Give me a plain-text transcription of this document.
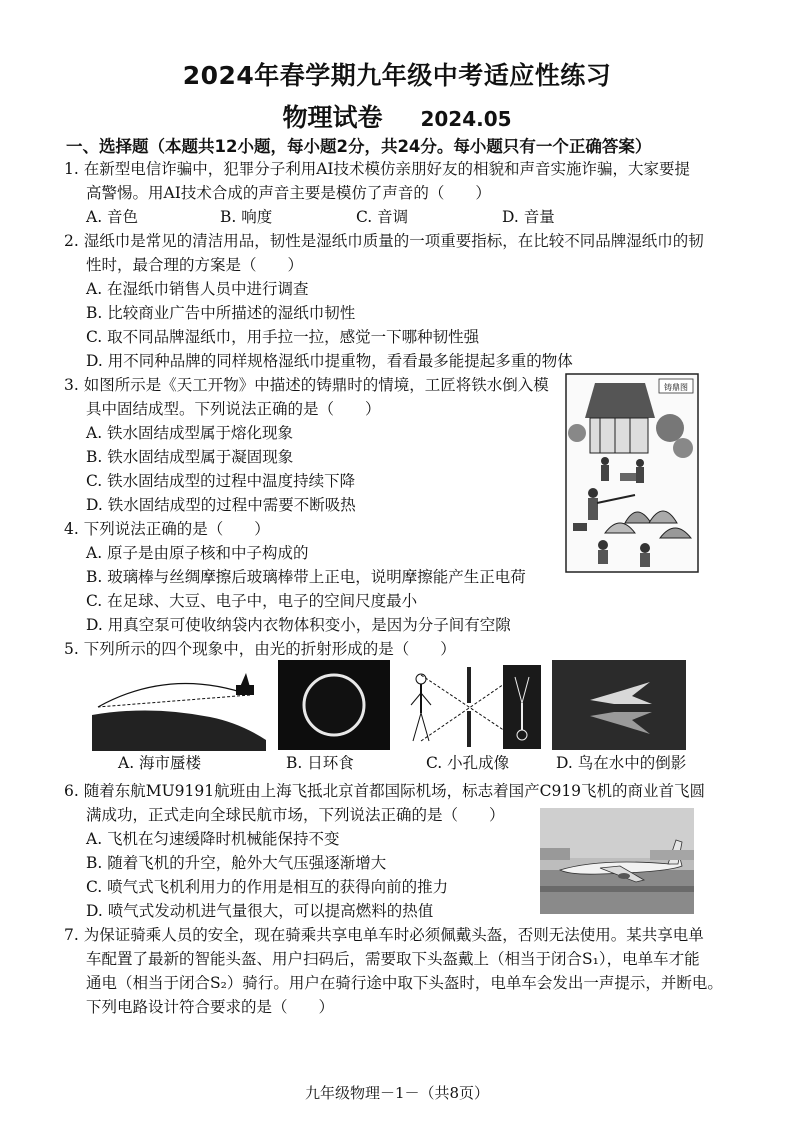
2024年春学期九年级中考适应性练习
物理试卷 2024.05
一、选择题（本题共12小题，每小题2分，共24分。每小题只有一个正确答案）
1. 在新型电信诈骗中，犯罪分子利用AI技术模仿亲朋好友的相貌和声音实施诈骗，大家要提
高警惕。用AI技术合成的声音主要是模仿了声音的（　　）
A. 音色	B. 响度	C. 音调	D. 音量
2. 湿纸巾是常见的清洁用品，韧性是湿纸巾质量的一项重要指标，在比较不同品牌湿纸巾的韧
性时，最合理的方案是（　　）
A. 在湿纸巾销售人员中进行调查
B. 比较商业广告中所描述的湿纸巾韧性
C. 取不同品牌湿纸巾，用手拉一拉，感觉一下哪种韧性强
D. 用不同种品牌的同样规格湿纸巾提重物，看看最多能提起多重的物体
3. 如图所示是《天工开物》中描述的铸鼎时的情境，工匠将铁水倒入模
具中固结成型。下列说法正确的是（　　）
A. 铁水固结成型属于熔化现象
B. 铁水固结成型属于凝固现象
C. 铁水固结成型的过程中温度持续下降
D. 铁水固结成型的过程中需要不断吸热
铸鼎图
4. 下列说法正确的是（　　）
A. 原子是由原子核和中子构成的
B. 玻璃棒与丝绸摩擦后玻璃棒带上正电，说明摩擦能产生正电荷
C. 在足球、大豆、电子中，电子的空间尺度最小
D. 用真空泵可使收纳袋内衣物体积变小，是因为分子间有空隙
5. 下列所示的四个现象中，由光的折射形成的是（　　）
A. 海市蜃楼	B. 日环食	C. 小孔成像	D. 鸟在水中的倒影
6. 随着东航MU9191航班由上海飞抵北京首都国际机场，标志着国产C919飞机的商业首飞圆
满成功，正式走向全球民航市场，下列说法正确的是（　　）
A. 飞机在匀速缓降时机械能保持不变
B. 随着飞机的升空，舱外大气压强逐渐增大
C. 喷气式飞机利用力的作用是相互的获得向前的推力
D. 喷气式发动机进气量很大，可以提高燃料的热值
7. 为保证骑乘人员的安全，现在骑乘共享电单车时必须佩戴头盔，否则无法使用。某共享电单
车配置了最新的智能头盔、用户扫码后，需要取下头盔戴上（相当于闭合S₁），电单车才能
通电（相当于闭合S₂）骑行。用户在骑行途中取下头盔时，电单车会发出一声提示，并断电。
下列电路设计符合要求的是（　　）
九年级物理－1－（共8页）
